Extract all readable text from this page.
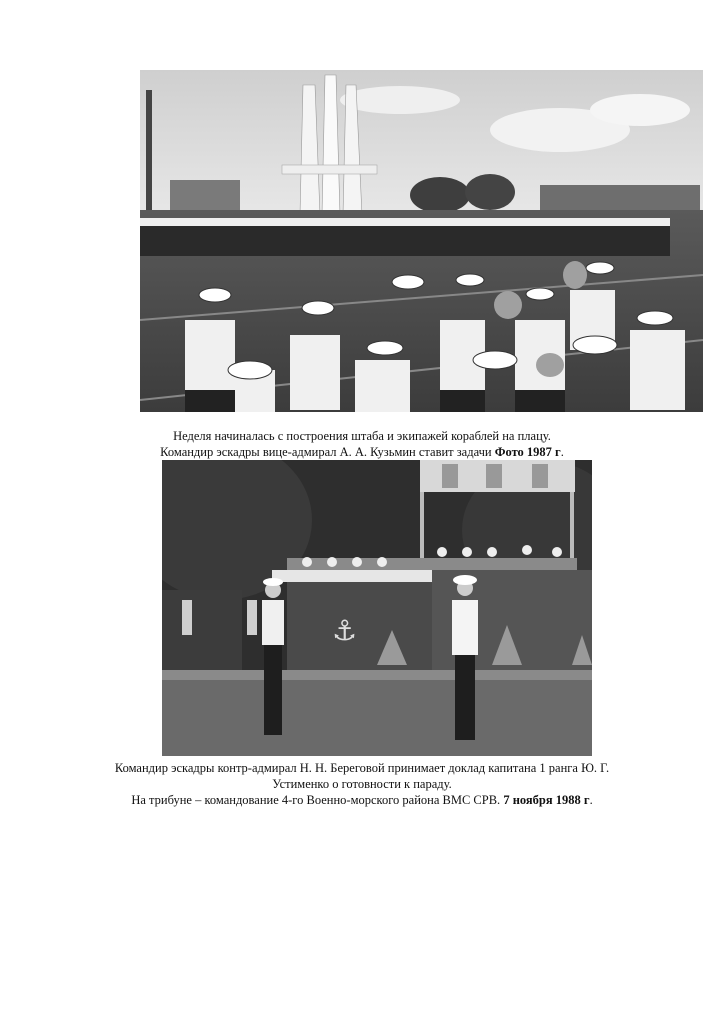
Неделя начиналась с построения штаба и экипажей кораблей на плацу.
Командир эскадры вице-адмирал А. А. Кузьмин ставит задачи Фото 1987 г.
⚓
Командир эскадры контр-адмирал Н. Н. Береговой принимает доклад капитана 1 ранга Ю. Г.
Устименко о готовности к параду.
На трибуне – командование 4-го Военно-морского района ВМС СРВ. 7 ноября 1988 г.
